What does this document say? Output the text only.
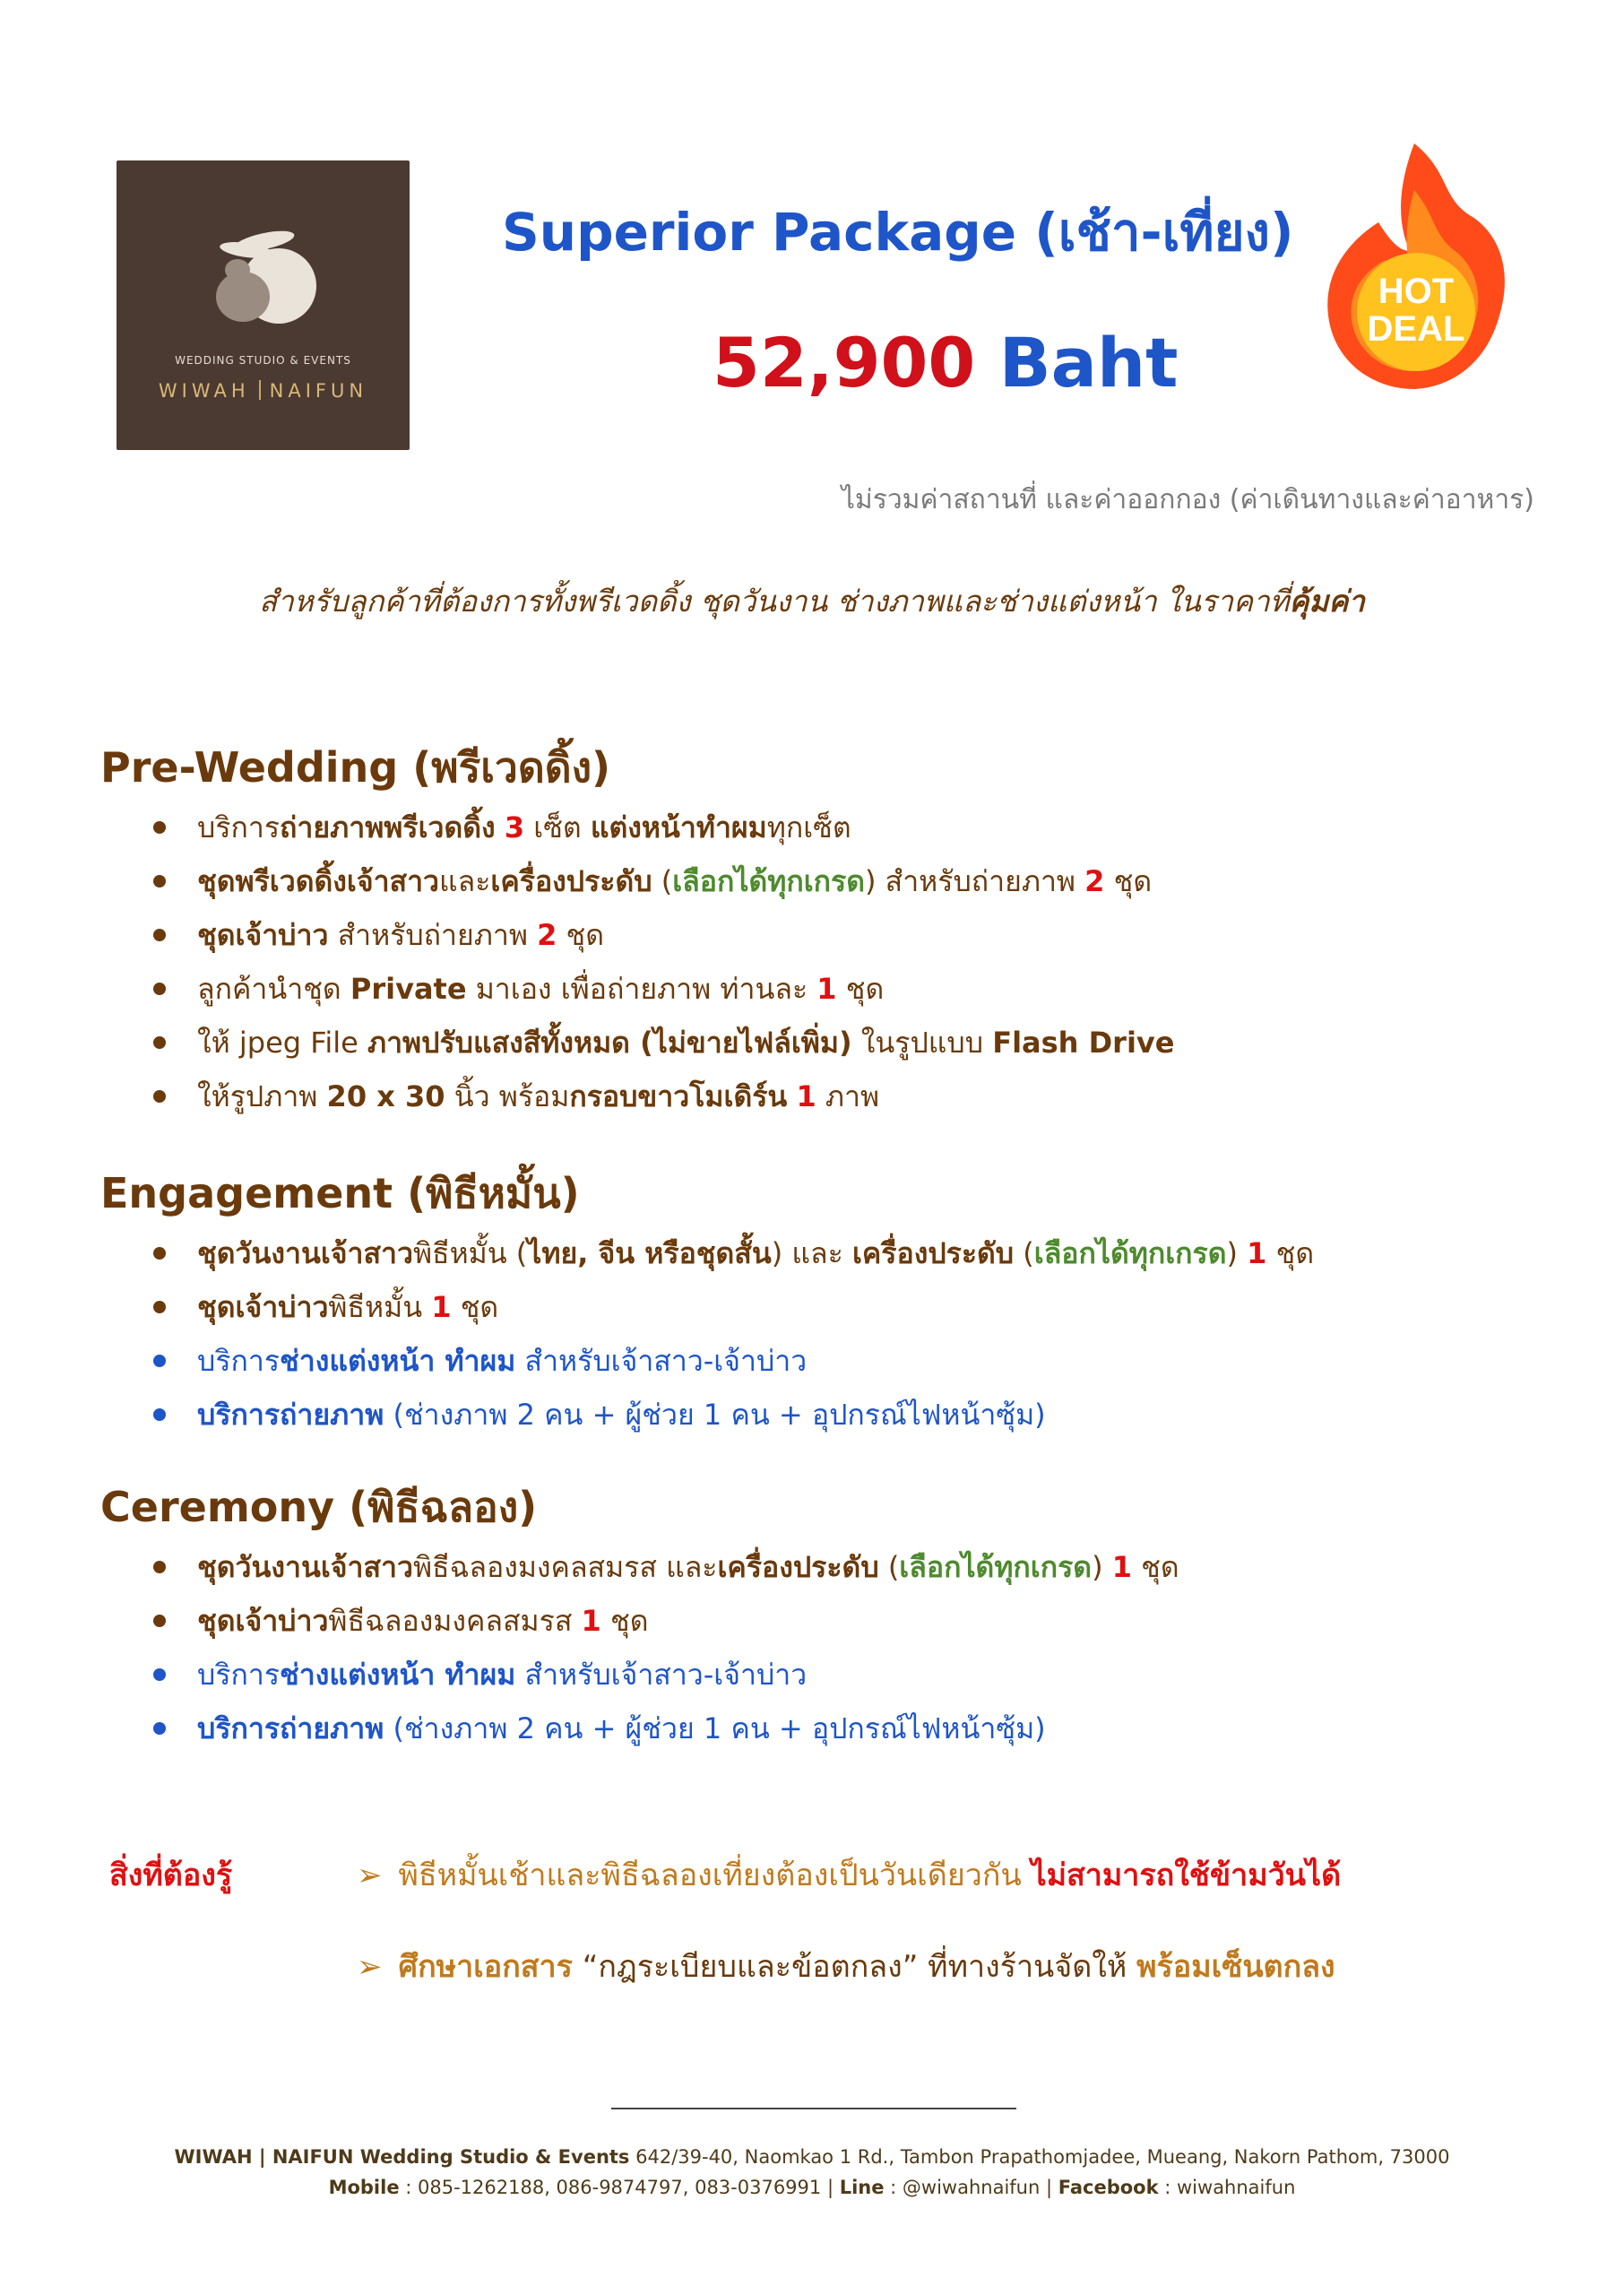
WEDDING STUDIO & EVENTS
WIWAH NAIFUN
Superior Package (เช้า-เที่ยง)
52,900 Baht
HOT
DEAL
ไม่รวมค่าสถานที่ และค่าออกกอง (ค่าเดินทางและค่าอาหาร)
สำหรับลูกค้าที่ต้องการทั้งพรีเวดดิ้ง ชุดวันงาน ช่างภาพและช่างแต่งหน้า ในราคาที่คุ้มค่า
Pre-Wedding (พรีเวดดิ้ง)
บริการถ่ายภาพพรีเวดดิ้ง 3 เซ็ต แต่งหน้าทำผมทุกเซ็ต
ชุดพรีเวดดิ้งเจ้าสาวและเครื่องประดับ (เลือกได้ทุกเกรด) สำหรับถ่ายภาพ 2 ชุด
ชุดเจ้าบ่าว สำหรับถ่ายภาพ 2 ชุด
ลูกค้านำชุด Private มาเอง เพื่อถ่ายภาพ ท่านละ 1 ชุด
ให้ jpeg File ภาพปรับแสงสีทั้งหมด (ไม่ขายไฟล์เพิ่ม) ในรูปแบบ Flash Drive
ให้รูปภาพ 20 x 30 นิ้ว พร้อมกรอบขาวโมเดิร์น 1 ภาพ
Engagement (พิธีหมั้น)
ชุดวันงานเจ้าสาวพิธีหมั้น (ไทย, จีน หรือชุดสั้น) และ เครื่องประดับ (เลือกได้ทุกเกรด) 1 ชุด
ชุดเจ้าบ่าวพิธีหมั้น 1 ชุด
บริการช่างแต่งหน้า ทำผม สำหรับเจ้าสาว-เจ้าบ่าว
บริการถ่ายภาพ (ช่างภาพ 2 คน + ผู้ช่วย 1 คน + อุปกรณ์ไฟหน้าซุ้ม)
Ceremony (พิธีฉลอง)
ชุดวันงานเจ้าสาวพิธีฉลองมงคลสมรส และเครื่องประดับ (เลือกได้ทุกเกรด) 1 ชุด
ชุดเจ้าบ่าวพิธีฉลองมงคลสมรส 1 ชุด
บริการช่างแต่งหน้า ทำผม สำหรับเจ้าสาว-เจ้าบ่าว
บริการถ่ายภาพ (ช่างภาพ 2 คน + ผู้ช่วย 1 คน + อุปกรณ์ไฟหน้าซุ้ม)
สิ่งที่ต้องรู้	➢ พิธีหมั้นเช้าและพิธีฉลองเที่ยงต้องเป็นวันเดียวกัน ไม่สามารถใช้ข้ามวันได้
➢ ศึกษาเอกสาร “กฎระเบียบและข้อตกลง” ที่ทางร้านจัดให้ พร้อมเซ็นตกลง
WIWAH | NAIFUN Wedding Studio & Events 642/39-40, Naomkao 1 Rd., Tambon Prapathomjadee, Mueang, Nakorn Pathom, 73000
Mobile : 085-1262188, 086-9874797, 083-0376991 | Line : @wiwahnaifun | Facebook : wiwahnaifun
